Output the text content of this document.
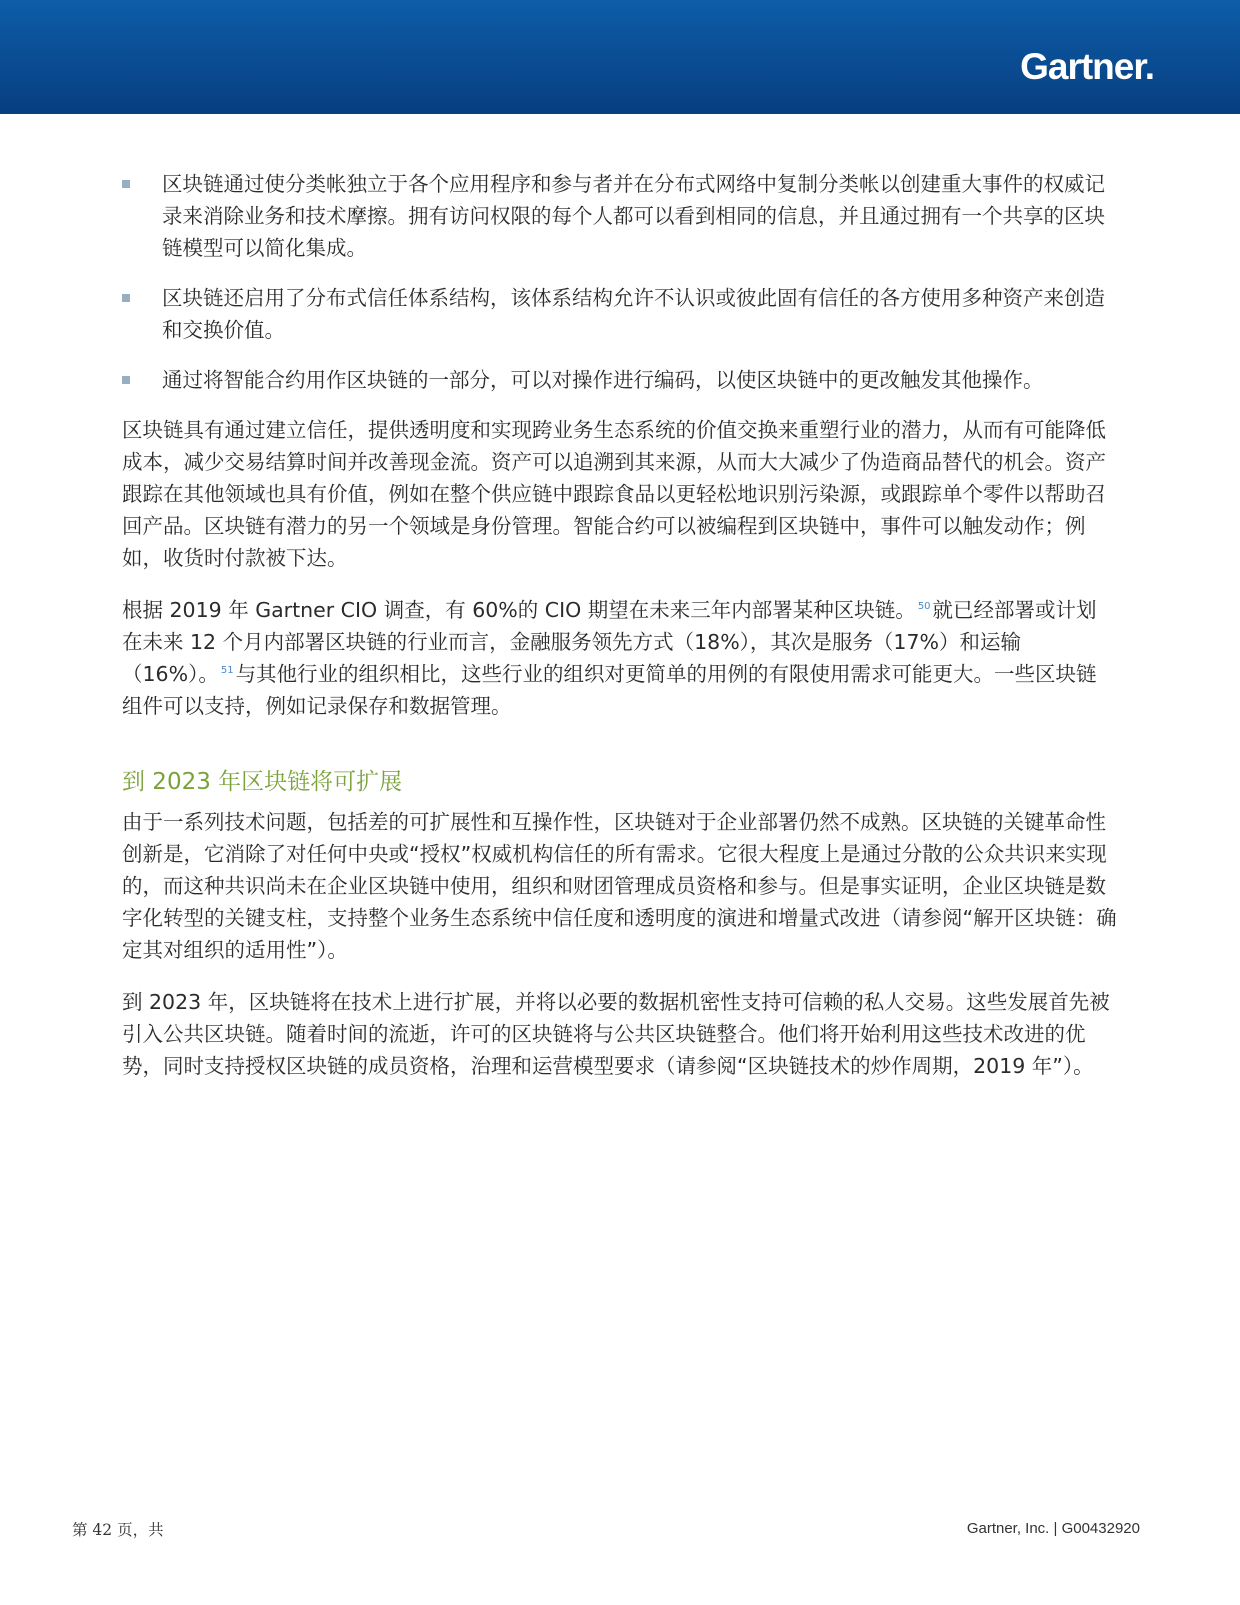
Gartner.
区块链通过使分类帐独立于各个应用程序和参与者并在分布式网络中复制分类帐以创建重大事件的权威记录来消除业务和技术摩擦。拥有访问权限的每个人都可以看到相同的信息，并且通过拥有一个共享的区块链模型可以简化集成。
区块链还启用了分布式信任体系结构，该体系结构允许不认识或彼此固有信任的各方使用多种资产来创造和交换价值。
通过将智能合约用作区块链的一部分，可以对操作进行编码，以使区块链中的更改触发其他操作。

区块链具有通过建立信任，提供透明度和实现跨业务生态系统的价值交换来重塑行业的潜力，从而有可能降低成本，减少交易结算时间并改善现金流。资产可以追溯到其来源，从而大大减少了伪造商品替代的机会。资产跟踪在其他领域也具有价值，例如在整个供应链中跟踪食品以更轻松地识别污染源，或跟踪单个零件以帮助召回产品。区块链有潜力的另一个领域是身份管理。智能合约可以被编程到区块链中，事件可以触发动作；例如，收货时付款被下达。

根据 2019 年 Gartner CIO 调查，有 60%的 CIO 期望在未来三年内部署某种区块链。 $^{50}$就已经部署或计划在未来 12 个月内部署区块链的行业而言，金融服务领先方式（18%），其次是服务（17%）和运输（16%）。 $^{51}$与其他行业的组织相比，这些行业的组织对更简单的用例的有限使用需求可能更大。一些区块链组件可以支持，例如记录保存和数据管理。

到 2023 年区块链将可扩展

由于一系列技术问题，包括差的可扩展性和互操作性，区块链对于企业部署仍然不成熟。区块链的关键革命性创新是，它消除了对任何中央或“授权”权威机构信任的所有需求。它很大程度上是通过分散的公众共识来实现的，而这种共识尚未在企业区块链中使用，组织和财团管理成员资格和参与。但是事实证明，企业区块链是数字化转型的关键支柱，支持整个业务生态系统中信任度和透明度的演进和增量式改进（请参阅“解开区块链：确定其对组织的适用性”）。

到 2023 年，区块链将在技术上进行扩展，并将以必要的数据机密性支持可信赖的私人交易。这些发展首先被引入公共区块链。随着时间的流逝，许可的区块链将与公共区块链整合。他们将开始利用这些技术改进的优势，同时支持授权区块链的成员资格，治理和运营模型要求（请参阅“区块链技术的炒作周期，2019 年”）。

第 42 页，共	Gartner, Inc. | G00432920
